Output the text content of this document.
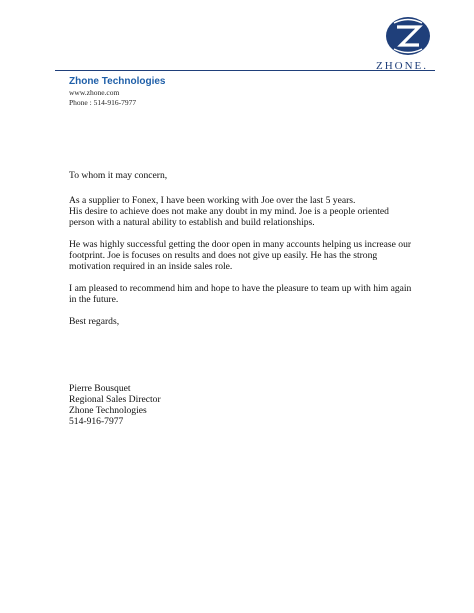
ZHONE.
Zhone Technologies
www.zhone.com
Phone : 514-916-7977

To whom it may concern,

As a supplier to Fonex, I have been working with Joe over the last 5 years.

His desire to achieve does not make any doubt in my mind. Joe is a people oriented

person with a natural ability to establish and build relationships.

He was highly successful getting the door open in many accounts helping us increase our

footprint. Joe is focuses on results and does not give up easily. He has the strong

motivation required in an inside sales role.

I am pleased to recommend him and hope to have the pleasure to team up with him again

in the future.

Best regards,

Pierre Bousquet

Regional Sales Director

Zhone Technologies

514-916-7977
